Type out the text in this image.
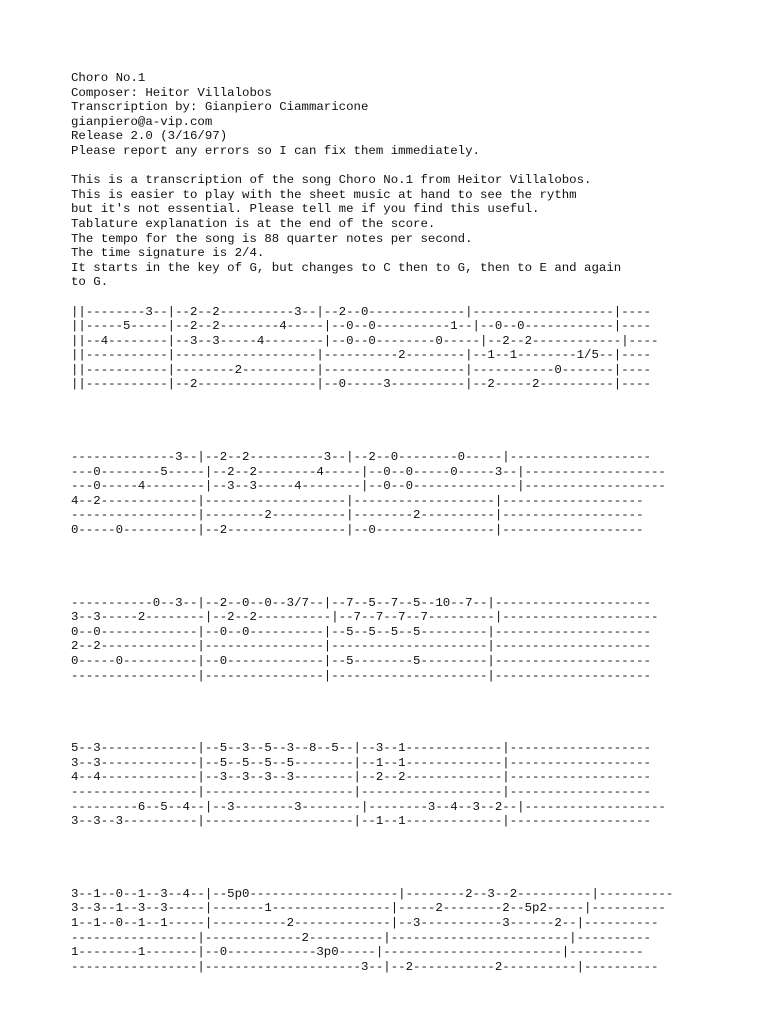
Choro No.1
Composer: Heitor Villalobos
Transcription by: Gianpiero Ciammaricone
gianpiero@a-vip.com
Release 2.0 (3/16/97)
Please report any errors so I can fix them immediately.
This is a transcription of the song Choro No.1 from Heitor Villalobos.
This is easier to play with the sheet music at hand to see the rythm
but it's not essential. Please tell me if you find this useful.
Tablature explanation is at the end of the score.
The tempo for the song is 88 quarter notes per second.
The time signature is 2/4.
It starts in the key of G, but changes to C then to G, then to E and again
to G.
||--------3--|--2--2----------3--|--2--0-------------|-------------------|----
||-----5-----|--2--2--------4-----|--0--0----------1--|--0--0------------|----
||--4--------|--3--3-----4--------|--0--0--------0-----|--2--2------------|----
||-----------|-------------------|----------2--------|--1--1--------1/5--|----
||-----------|--------2----------|-------------------|-----------0-------|----
||-----------|--2----------------|--0-----3----------|--2-----2----------|----
--------------3--|--2--2----------3--|--2--0--------0-----|-------------------
---0--------5-----|--2--2--------4-----|--0--0-----0-----3--|-------------------
---0-----4--------|--3--3-----4--------|--0--0--------------|-------------------
4--2-------------|-------------------|-------------------|-------------------
-----------------|--------2----------|--------2----------|-------------------
0-----0----------|--2----------------|--0----------------|-------------------
-----------0--3--|--2--0--0--3/7--|--7--5--7--5--10--7--|---------------------
3--3-----2--------|--2--2----------|--7--7--7--7---------|---------------------
0--0-------------|--0--0----------|--5--5--5--5---------|---------------------
2--2-------------|----------------|---------------------|---------------------
0-----0----------|--0-------------|--5--------5---------|---------------------
-----------------|----------------|---------------------|---------------------
5--3-------------|--5--3--5--3--8--5--|--3--1-------------|-------------------
3--3-------------|--5--5--5--5--------|--1--1-------------|-------------------
4--4-------------|--3--3--3--3--------|--2--2-------------|-------------------
-----------------|--------------------|-------------------|-------------------
---------6--5--4--|--3--------3--------|--------3--4--3--2--|-------------------
3--3--3----------|--------------------|--1--1-------------|-------------------
3--1--0--1--3--4--|--5p0--------------------|--------2--3--2----------|----------
3--3--1--3--3-----|-------1----------------|-----2--------2--5p2-----|----------
1--1--0--1--1-----|----------2-------------|--3-----------3------2--|----------
-----------------|-------------2----------|------------------------|----------
1--------1-------|--0------------3p0-----|------------------------|----------
-----------------|---------------------3--|--2-----------2----------|----------
